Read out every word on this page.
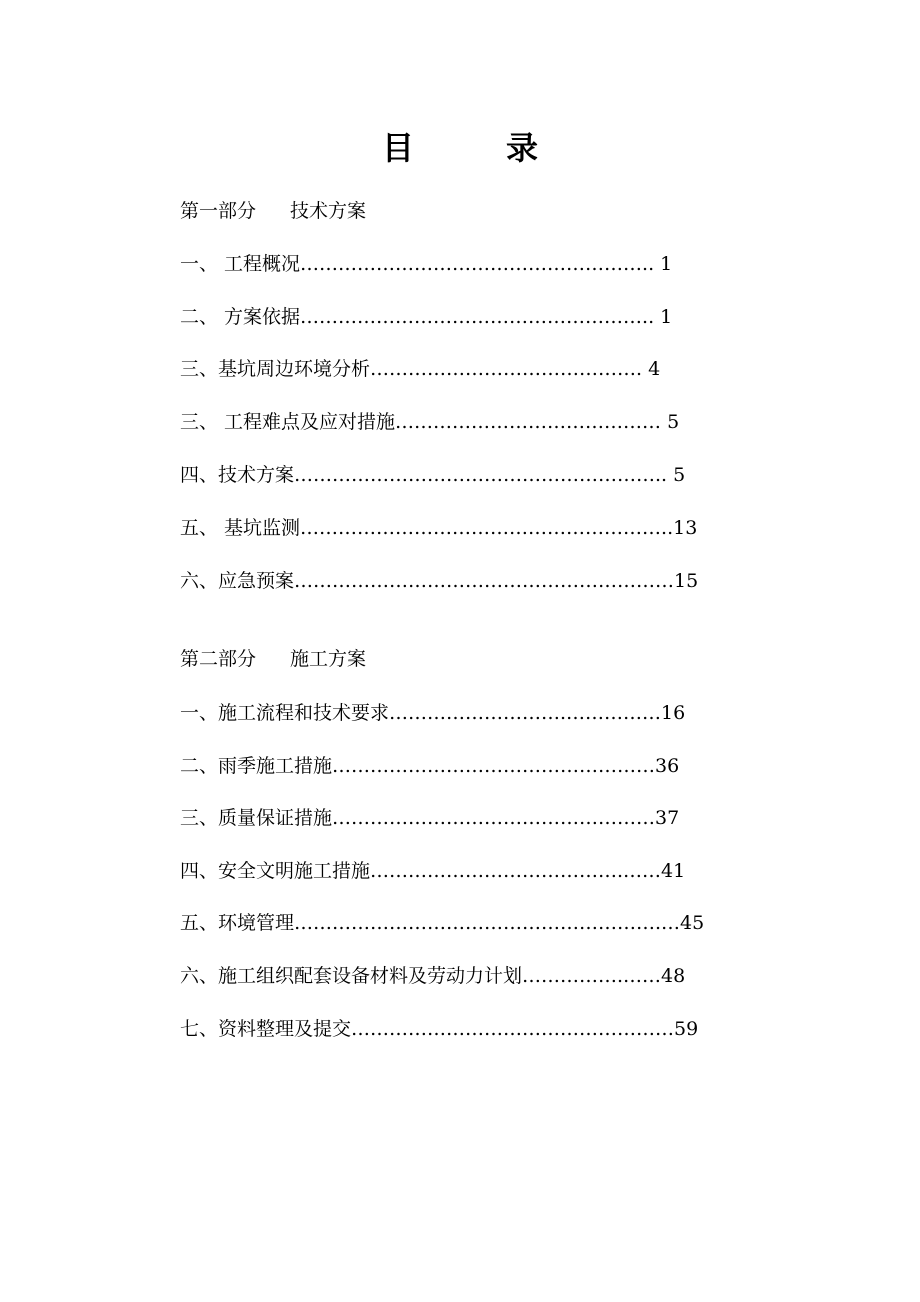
目	录
第一部分 技术方案
一、 工程概况……………………………………………….. 1
二、 方案依据……………………………………………….. 1
三、基坑周边环境分析……………………………………. 4
三、 工程难点及应对措施…………………………………… 5
四、技术方案………………………………………………….. 5
五、 基坑监测…………………………………………………..13
六、应急预案……………………………………………………15
第二部分 施工方案
一、施工流程和技术要求……………………….……………16
二、雨季施工措施……………………………………………36
三、质量保证措施……………………………………………37
四、安全文明施工措施………………………………….……41
五、环境管理………………………………………………….…45
六、施工组织配套设备材料及劳动力计划…………….……48
七、资料整理及提交……………………………………………59
